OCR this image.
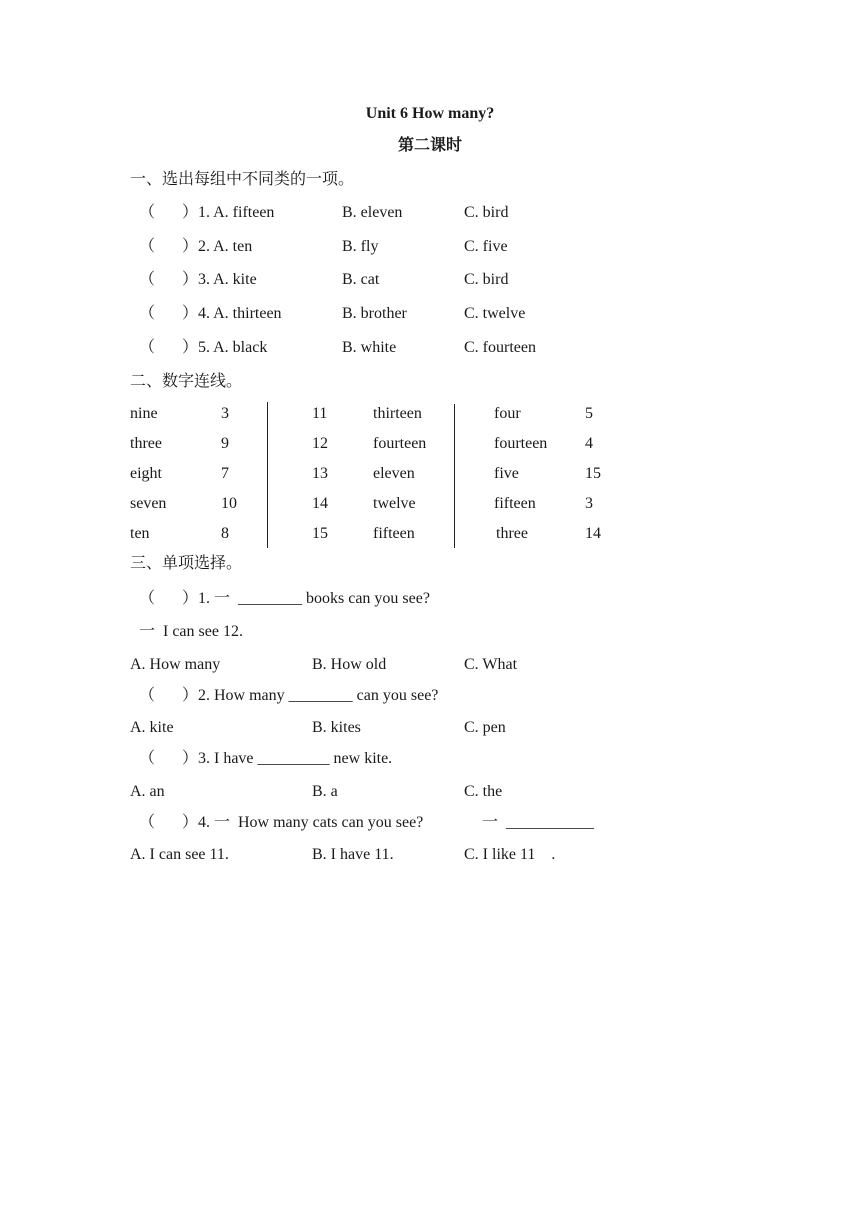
Unit 6 How many?
第二课时
一、选出每组中不同类的一项。
（ ）1. A. fifteen	B. eleven	C. bird
（ ）2. A. ten	B. fly	C. five
（ ）3. A. kite	B. cat	C. bird
（ ）4. A. thirteen	B. brother	C. twelve
（ ）5. A. black	B. white	C. fourteen
二、数字连线。
nine	3	11	thirteen	four	5
three	9	12	fourteen	fourteen 4
eight	7	13	eleven	five	15
seven	10	14	twelve	fifteen	3
ten	8	15	fifteen	three	14
三、单项选择。
（ ）1. 一  ________ books can you see?
一  I can see 12.
A. How many	B. How old	C. What
（ ）2. How many ________ can you see?
A. kite	B. kites	C. pen
（ ）3. I have _________ new kite.
A. an	B. a	C. the
（ ）4. 一  How many cats can you see?	一  ___________
A. I can see 11.	B. I have 11.	C. I like 11    .
